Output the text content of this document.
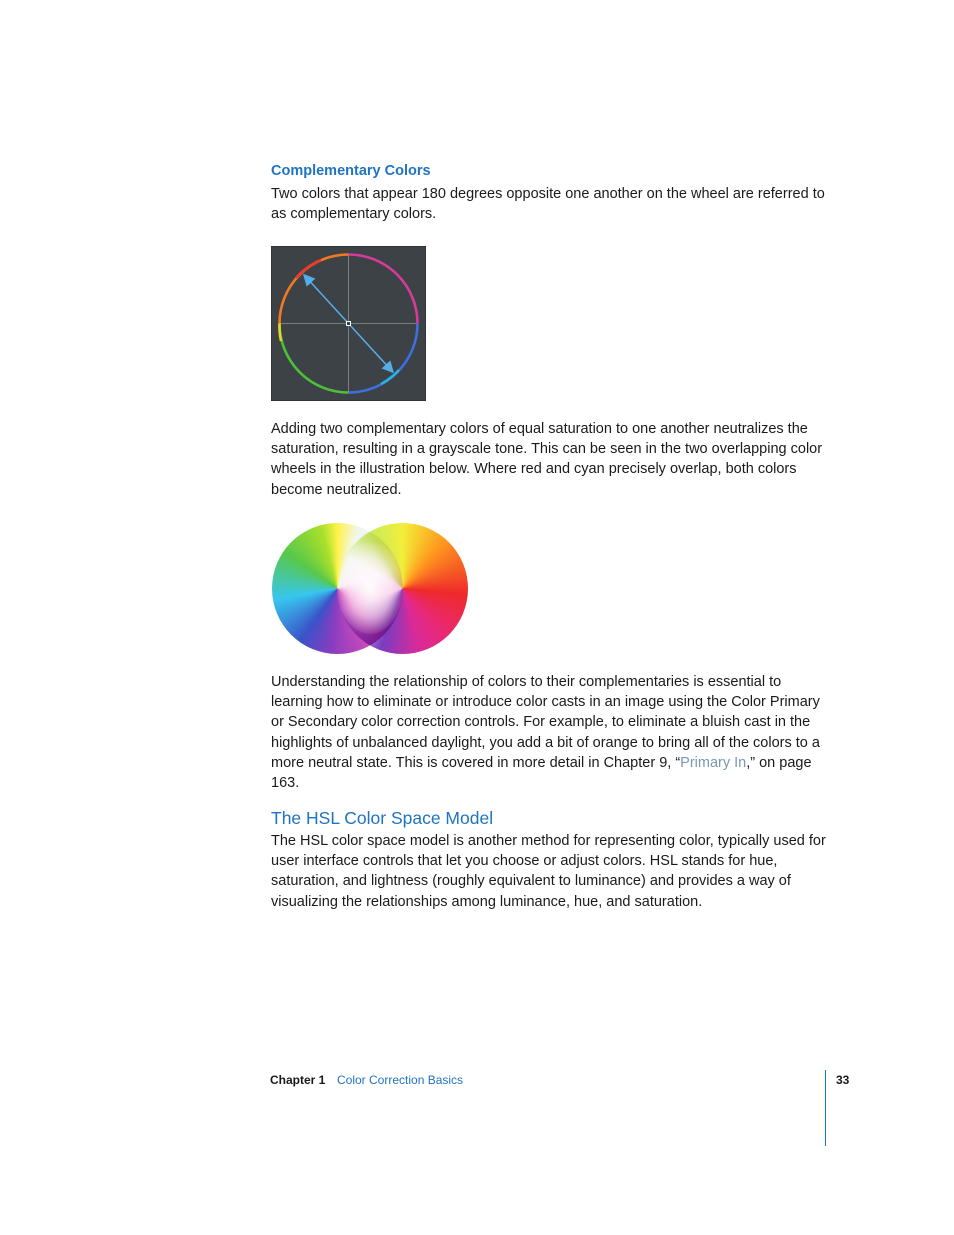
Complementary Colors
Two colors that appear 180 degrees opposite one another on the wheel are referred to as complementary colors.
Adding two complementary colors of equal saturation to one another neutralizes the saturation, resulting in a grayscale tone. This can be seen in the two overlapping color wheels in the illustration below. Where red and cyan precisely overlap, both colors become neutralized.
Understanding the relationship of colors to their complementaries is essential to learning how to eliminate or introduce color casts in an image using the Color Primary or Secondary color correction controls. For example, to eliminate a bluish cast in the highlights of unbalanced daylight, you add a bit of orange to bring all of the colors to a more neutral state. This is covered in more detail in Chapter 9, “Primary In,” on page 163.
The HSL Color Space Model
The HSL color space model is another method for representing color, typically used for user interface controls that let you choose or adjust colors. HSL stands for hue, saturation, and lightness (roughly equivalent to luminance) and provides a way of visualizing the relationships among luminance, hue, and saturation.
Chapter 1 Color Correction Basics	33
